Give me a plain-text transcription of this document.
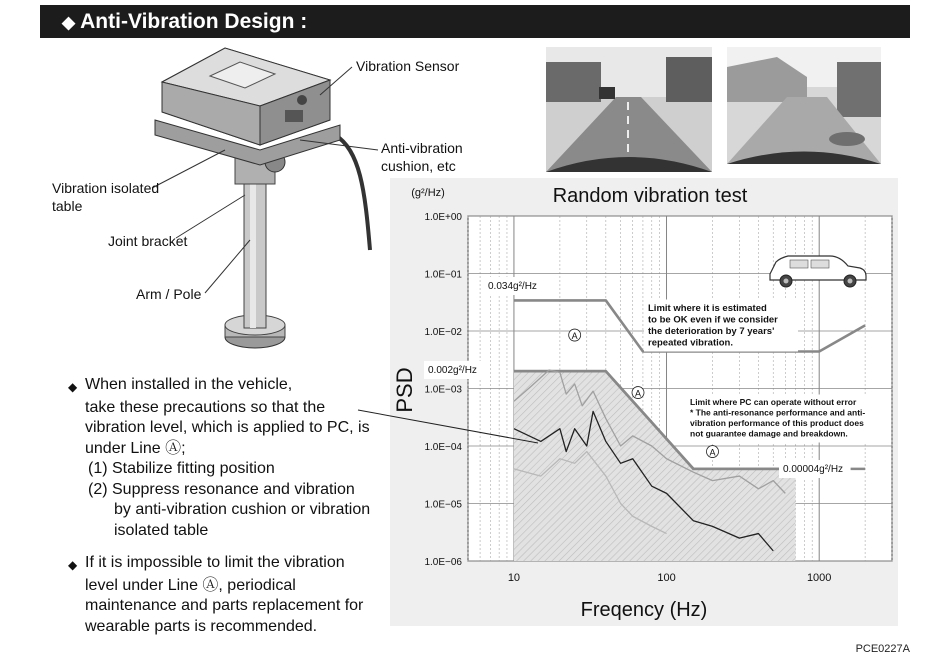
◆ Anti-Vibration Design :
Vibration Sensor
Anti-vibration
cushion, etc
Vibration isolated
table
Joint bracket
Arm / Pole
◆ When installed in the vehicle,
take these precautions so that the
vibration level, which is applied to PC, is
under Line Ⓐ;
(1) Stabilize fitting position
(2) Suppress resonance and vibration
by anti-vibration cushion or vibration
isolated table
◆ If it is impossible to limit the vibration
level under Line Ⓐ, periodical
maintenance and parts replacement for
wearable parts is recommended.
1.0E+00
1.0E−01
1.0E−02
1.0E−03
1.0E−04
1.0E−05
1.0E−06
10	100	1000
Random vibration test
Freqency (Hz)
(g²/Hz)
PSD
0.034g²/Hz
0.002g²/Hz
0.00004g²/Hz
A
A
A
Limit where it is estimated
to be OK even if we consider
the deterioration by 7 years'
repeated vibration.
Limit where PC can operate without error
* The anti-resonance performance and anti-
vibration performance of this product does
not guarantee damage and breakdown.
PCE0227A
